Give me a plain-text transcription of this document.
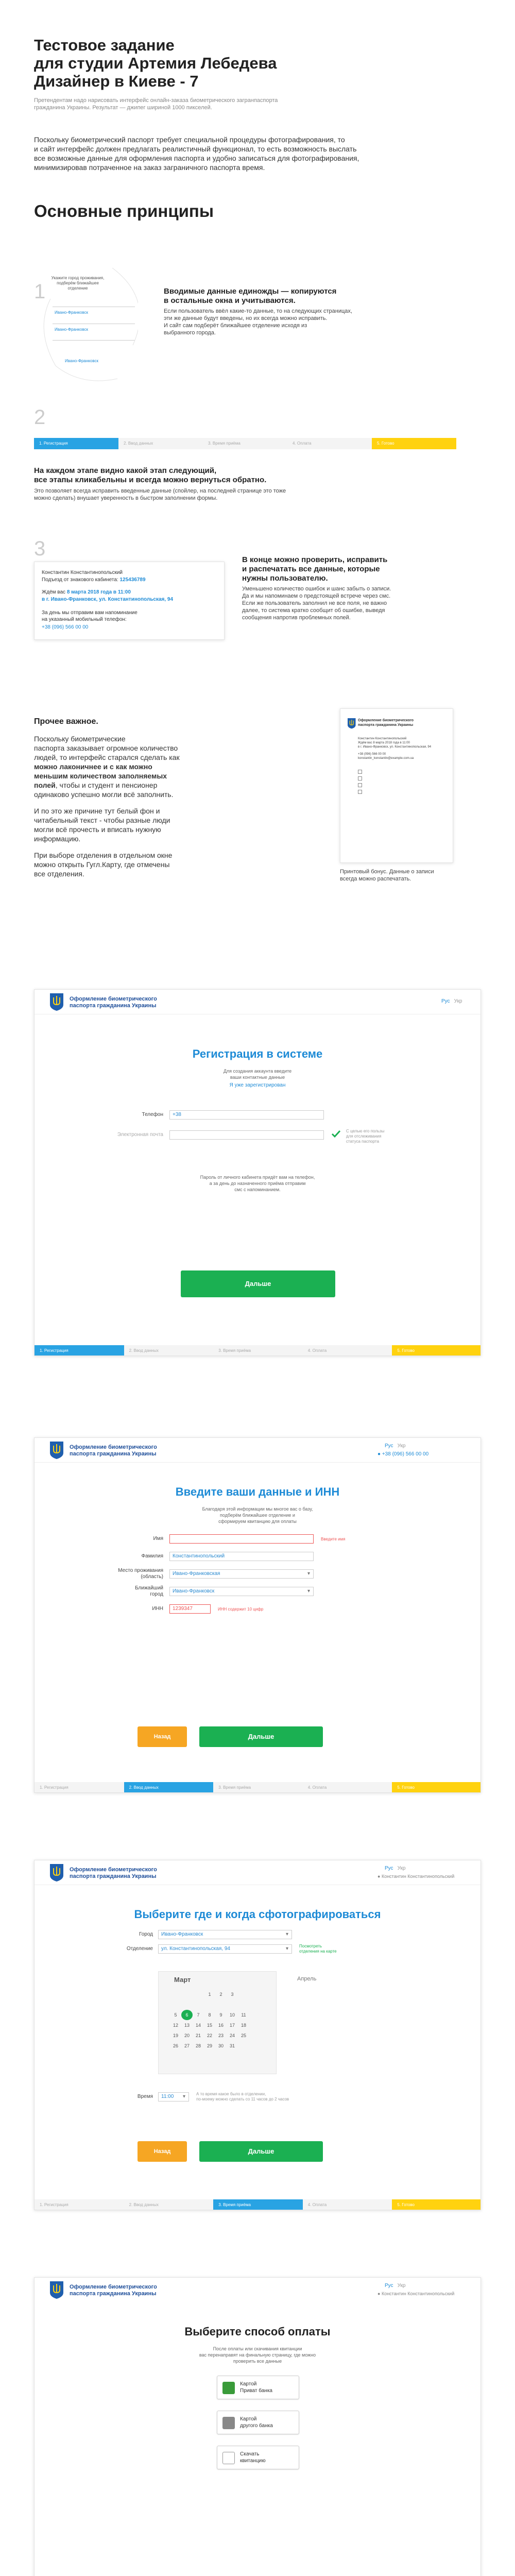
Тестовое задание
для студии Артемия Лебедева
Дизайнер в Киеве - 7
Претендентам надо нарисовать интерфейс онлайн-заказа биометрического загранпаспорта
гражданина Украины. Результат — джипег шириной 1000 пикселей.
Поскольку биометрический паспорт требует специальной процедуры фотографирования, то
и сайт интерфейс должен предлагать реалистичный функционал, то есть возможность выслать
все возможные данные для оформления паспорта и удобно записаться для фотографирования,
минимизировав потраченное на заказ заграничного паспорта время.
Основные принципы
1
Укажите город проживания,
подберём ближайшее
отделение
Ивано-Франковск
Ивано-Франковск
Ивано-Франковск
Вводимые данные единожды — копируются
в остальные окна и учитываются.
Если пользователь ввёл какие-то данные, то на следующих страницах,
эти же данные будут введены, но их всегда можно исправить.
И сайт сам подберёт ближайшее отделение исходя из
выбранного города.
2
1. Регистрация	2. Ввод данных	3. Время приёма	4. Оплата	5. Готово
На каждом этапе видно какой этап следующий,
все этапы кликабельны и всегда можно вернуться обратно.
Это позволяет всегда исправить введенные данные (спойлер, на последней странице это тоже
можно сделать) внушает уверенность в быстром заполнении формы.
3
Константин Константинопольский
Подъезд от знакового кабинета: 125436789
Ждём вас 8 марта 2018 года в 11:00
в г. Ивано-Франковск, ул. Константинопольская, 94
За день мы отправим вам напоминание
на указанный мобильный телефон:
+38 (096) 566 00 00
В конце можно проверить, исправить
и распечатать все данные, которые
нужны пользователю.
Уменьшено количество ошибок и шанс забыть о записи.
Да и мы напоминаем о предстоящей встрече через смс.
Если же пользователь заполнил не все поля, не важно
далее, то система кратко сообщит об ошибке, выведя
сообщения напротив проблемных полей.
Прочее важное.
Поскольку биометрические
паспорта заказывает огромное количество
людей, то интерфейс старался сделать как
можно лаконичнее и с как можно
меньшим количеством заполняемых
полей, чтобы и студент и пенсионер
одинаково успешно могли всё заполнить.
И по это же причине тут белый фон и
читабельный текст - чтобы разные люди
могли всё прочесть и вписать нужную
информацию.
При выборе отделения в отдельном окне
можно открыть Гугл.Карту, где отмечены
все отделения.
Оформление биометрического
паспорта гражданина Украины
Константин Константинопольский
Ждём вас 8 марта 2018 года в 11:00
в г. Ивано-Франковск, ул. Константинопольская, 94
+38 (096) 566 00 00
konstantin_konstantin@example.com.ua
Принтовый бонус. Данные о записи
всегда можно распечатать.
Оформление биометрического
паспорта гражданина Украины
Рус Укр
Регистрация в системе
Для создания аккаунта введите
ваши контактные данные
Я уже зарегистрирован
Телефон	+38
Электронная почта
С целью его пользы
для отслеживания
статуса паспорта
Пароль от личного кабинета придёт вам на телефон,
а за день до назначенного приёма отправим
смс с напоминанием.
Дальше
1. Регистрация	2. Ввод данных	3. Время приёма	4. Оплата	5. Готово
Оформление биометрического
паспорта гражданина Украины
Рус Укр
● +38 (096) 566 00 00
Введите ваши данные и ИНН
Благодаря этой информации мы многое вас о базу,
подберём ближайшее отделение и
сформируем квитанцию для оплаты
Имя	Введите имя
Фамилия	Константинопольский
Место проживания
(область)
Ивано-Франковская	▾
Ближайший
город
Ивано-Франковск	▾
ИНН	1239347	ИНН содержит 10 цифр
Назад	Дальше
1. Регистрация	2. Ввод данных	3. Время приёма	4. Оплата	5. Готово
Оформление биометрического
паспорта гражданина Украины
Рус Укр
● Константин Константинопольский
Выберите где и когда сфотографироваться
Город	Ивано-Франковск	▾
Отделение	ул. Константинопольская, 94	▾	Посмотреть
отделения на карте
Март
			1	2	3	

5	6	7	8	9	10	11
12	13	14	15	16	17	18
19	20	21	22	23	24	25
26	27	28	29	30	31	
Апрель
Время	11:00 ▾	А то время какое было в отделении,
по-моему можно сделать со 11 часов до 2 часов
Назад	Дальше
1. Регистрация	2. Ввод данных	3. Время приёма	4. Оплата	5. Готово
Оформление биометрического
паспорта гражданина Украины
Рус Укр
● Константин Константинопольский
Выберите способ оплаты
После оплаты или скачивания квитанции
вас перенаправят на финальную страницу, где можно
проверить все данные
Картой
Приват банка
Картой
другого банка
Скачать
квитанцию
